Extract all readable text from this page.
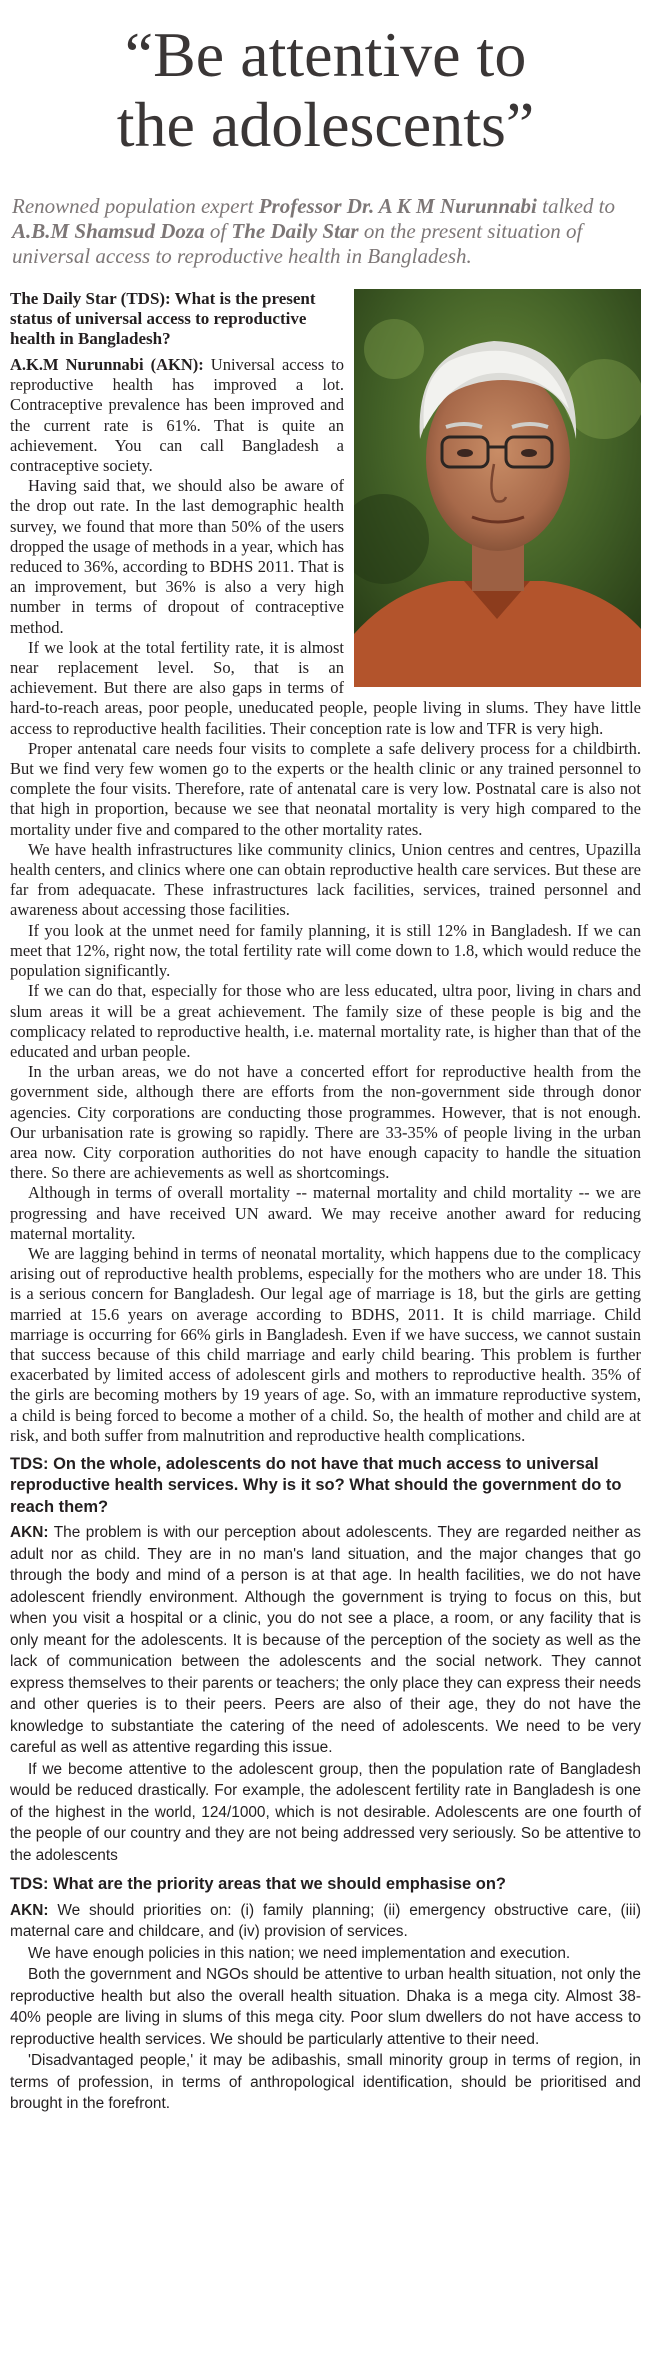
“Be attentive to
the adolescents”
Renowned population expert Professor Dr. A K M Nurunnabi talked to A.B.M Shamsud Doza of The Daily Star on the present situation of universal access to reproductive health in Bangladesh.
The Daily Star (TDS): What is the present status of universal access to reproductive health in Bangladesh?

A.K.M Nurunnabi (AKN): Universal access to reproductive health has improved a lot. Contraceptive prevalence has been improved and the current rate is 61%. That is quite an achievement. You can call Bangladesh a contraceptive society.

Having said that, we should also be aware of the drop out rate. In the last demographic health survey, we found that more than 50% of the users dropped the usage of methods in a year, which has reduced to 36%, according to BDHS 2011. That is an improvement, but 36% is also a very high number in terms of dropout of contraceptive method.

If we look at the total fertility rate, it is almost near replacement level. So, that is an achievement. But there are also gaps in terms of hard-to-reach areas, poor people, uneducated people, people living in slums. They have little access to reproductive health facilities. Their conception rate is low and TFR is very high.

Proper antenatal care needs four visits to complete a safe delivery process for a childbirth. But we find very few women go to the experts or the health clinic or any trained personnel to complete the four visits. Therefore, rate of antenatal care is very low. Postnatal care is also not that high in proportion, because we see that neonatal mortality is very high compared to the mortality under five and compared to the other mortality rates.

We have health infrastructures like community clinics, Union centres and centres, Upazilla health centers, and clinics where one can obtain reproductive health care services. But these are far from adequacate. These infrastructures lack facilities, services, trained personnel and awareness about accessing those facilities.

If you look at the unmet need for family planning, it is still 12% in Bangladesh. If we can meet that 12%, right now, the total fertility rate will come down to 1.8, which would reduce the population significantly.

If we can do that, especially for those who are less educated, ultra poor, living in chars and slum areas it will be a great achievement. The family size of these people is big and the complicacy related to reproductive health, i.e. maternal mortality rate, is higher than that of the educated and urban people.

In the urban areas, we do not have a concerted effort for reproductive health from the government side, although there are efforts from the non-government side through donor agencies. City corporations are conducting those programmes. However, that is not enough. Our urbanisation rate is growing so rapidly. There are 33-35% of people living in the urban area now. City corporation authorities do not have enough capacity to handle the situation there. So there are achievements as well as shortcomings.

Although in terms of overall mortality -- maternal mortality and child mortality -- we are progressing and have received UN award. We may receive another award for reducing maternal mortality.

We are lagging behind in terms of neonatal mortality, which happens due to the complicacy arising out of reproductive health problems, especially for the mothers who are under 18. This is a serious concern for Bangladesh. Our legal age of marriage is 18, but the girls are getting married at 15.6 years on average according to BDHS, 2011. It is child marriage. Child marriage is occurring for 66% girls in Bangladesh. Even if we have success, we cannot sustain that success because of this child marriage and early child bearing. This problem is further exacerbated by limited access of adolescent girls and mothers to reproductive health. 35% of the girls are becoming mothers by 19 years of age. So, with an immature reproductive system, a child is being forced to become a mother of a child. So, the health of mother and child are at risk, and both suffer from malnutrition and reproductive health complications.

TDS: On the whole, adolescents do not have that much access to universal reproductive health services. Why is it so? What should the government do to reach them?

AKN: The problem is with our perception about adolescents. They are regarded neither as adult nor as child. They are in no man's land situation, and the major changes that go through the body and mind of a person is at that age. In health facilities, we do not have adolescent friendly environment. Although the government is trying to focus on this, but when you visit a hospital or a clinic, you do not see a place, a room, or any facility that is only meant for the adolescents. It is because of the perception of the society as well as the lack of communication between the adolescents and the social network. They cannot express themselves to their parents or teachers; the only place they can express their needs and other queries is to their peers. Peers are also of their age, they do not have the knowledge to substantiate the catering of the need of adolescents. We need to be very careful as well as attentive regarding this issue.

If we become attentive to the adolescent group, then the population rate of Bangladesh would be reduced drastically. For example, the adolescent fertility rate in Bangladesh is one of the highest in the world, 124/1000, which is not desirable. Adolescents are one fourth of the people of our country and they are not being addressed very seriously. So be attentive to the adolescents

TDS: What are the priority areas that we should emphasise on?

AKN: We should priorities on: (i) family planning; (ii) emergency obstructive care, (iii) maternal care and childcare, and (iv) provision of services.

We have enough policies in this nation; we need implementation and execution.

Both the government and NGOs should be attentive to urban health situation, not only the reproductive health but also the overall health situation. Dhaka is a mega city. Almost 38-40% people are living in slums of this mega city. Poor slum dwellers do not have access to reproductive health services. We should be particularly attentive to their need.

'Disadvantaged people,' it may be adibashis, small minority group in terms of region, in terms of profession, in terms of anthropological identification, should be prioritised and brought in the forefront.
